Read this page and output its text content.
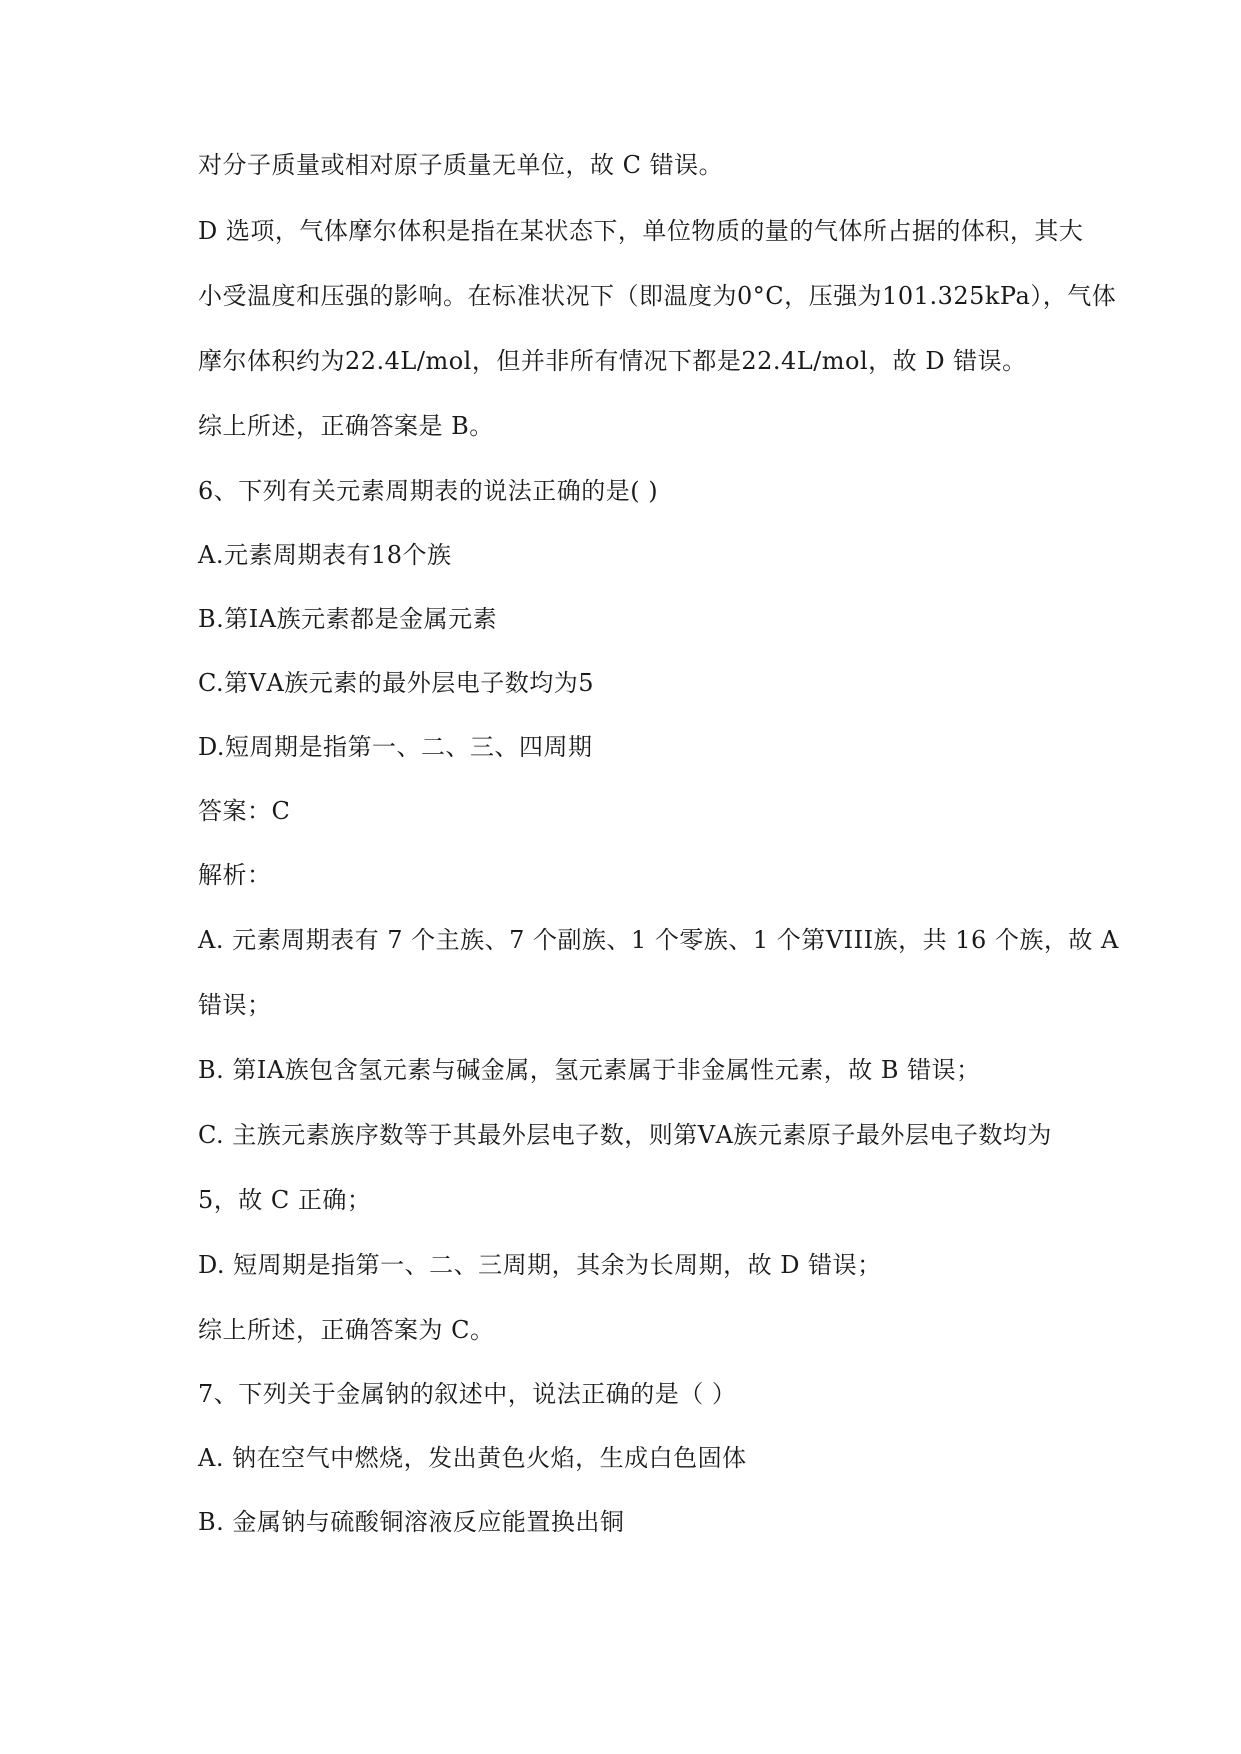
对分子质量或相对原子质量无单位，故 C 错误。
D 选项，气体摩尔体积是指在某状态下，单位物质的量的气体所占据的体积，其大
小受温度和压强的影响。在标准状况下（即温度为0°C，压强为101.325kPa），气体
摩尔体积约为22.4L/mol，但并非所有情况下都是22.4L/mol，故 D 错误。
综上所述，正确答案是 B。
6、下列有关元素周期表的说法正确的是( )
A.元素周期表有18个族
B.第IA族元素都是金属元素
C.第ⅤA族元素的最外层电子数均为5
D.短周期是指第一、二、三、四周期
答案：C
解析：
A. 元素周期表有 7 个主族、7 个副族、1 个零族、1 个第VIII族，共 16 个族，故 A
错误；
B. 第IA族包含氢元素与碱金属，氢元素属于非金属性元素，故 B 错误；
C. 主族元素族序数等于其最外层电子数，则第ⅤA族元素原子最外层电子数均为
5，故 C 正确；
D. 短周期是指第一、二、三周期，其余为长周期，故 D 错误；
综上所述，正确答案为 C。
7、下列关于金属钠的叙述中，说法正确的是（ ）
A. 钠在空气中燃烧，发出黄色火焰，生成白色固体
B. 金属钠与硫酸铜溶液反应能置换出铜
